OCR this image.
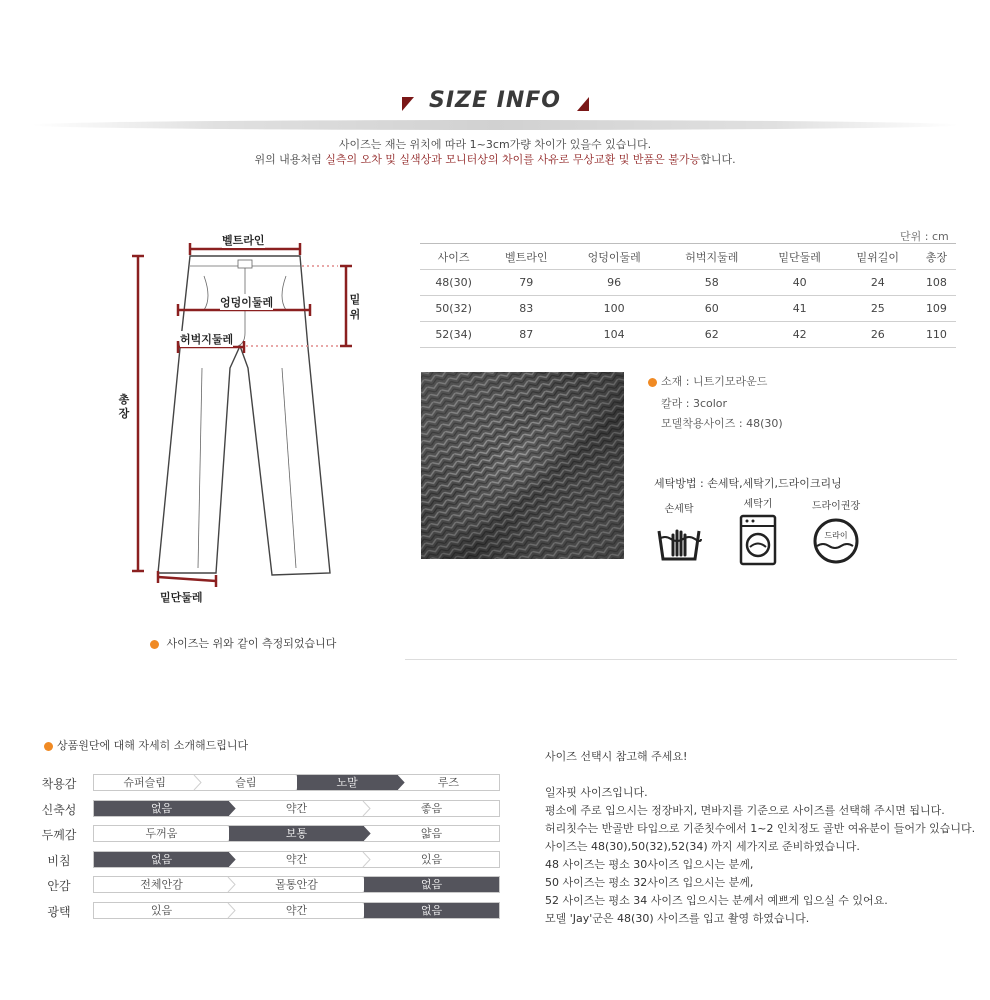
SIZE INFO
사이즈는 재는 위치에 따라 1~3cm가량 차이가 있을수 있습니다.
위의 내용처럼 실측의 오차 및 실색상과 모니터상의 차이를 사유로 무상교환 및 반품은 불가능합니다.
벨트라인
엉덩이둘레
허벅지둘레
밑단둘레
총
장
밑
위
사이즈는 위와 같이 측정되었습니다
단위 : cm
사이즈	벨트라인	엉덩이둘레	허벅지둘레	밑단둘레	밑위길이	총장
48(30)	79	96	58	40	24	108
50(32)	83	100	60	41	25	109
52(34)	87	104	62	42	26	110
소재 : 니트기모라운드
칼라 : 3color
모델착용사이즈 : 48(30)
세탁방법 : 손세탁,세탁기,드라이크리닝
손세탁	세탁기	드라이권장
드라이
상품원단에 대해 자세히 소개해드립니다
착용감	슈퍼슬림	슬림	노말	루즈
신축성	없음	약간	좋음
두께감	두꺼움	보통	얇음
비침	없음	약간	있음
안감	전체안감	몰통안감	없음
광택	있음	약간	없음
사이즈 선택시 참고해 주세요!
일자핏 사이즈입니다.
평소에 주로 입으시는 정장바지, 면바지를 기준으로 사이즈를 선택해 주시면 됩니다.
허리칫수는 반골반 타입으로 기준칫수에서 1~2 인치정도 골반 여유분이 들어가 있습니다.
사이즈는 48(30),50(32),52(34) 까지 세가지로 준비하였습니다.
48 사이즈는 평소 30사이즈 입으시는 분께,
50 사이즈는 평소 32사이즈 입으시는 분께,
52 사이즈는 평소 34 사이즈 입으시는 분께서 예쁘게 입으실 수 있어요.
모델 'Jay'군은 48(30) 사이즈를 입고 촬영 하였습니다.
